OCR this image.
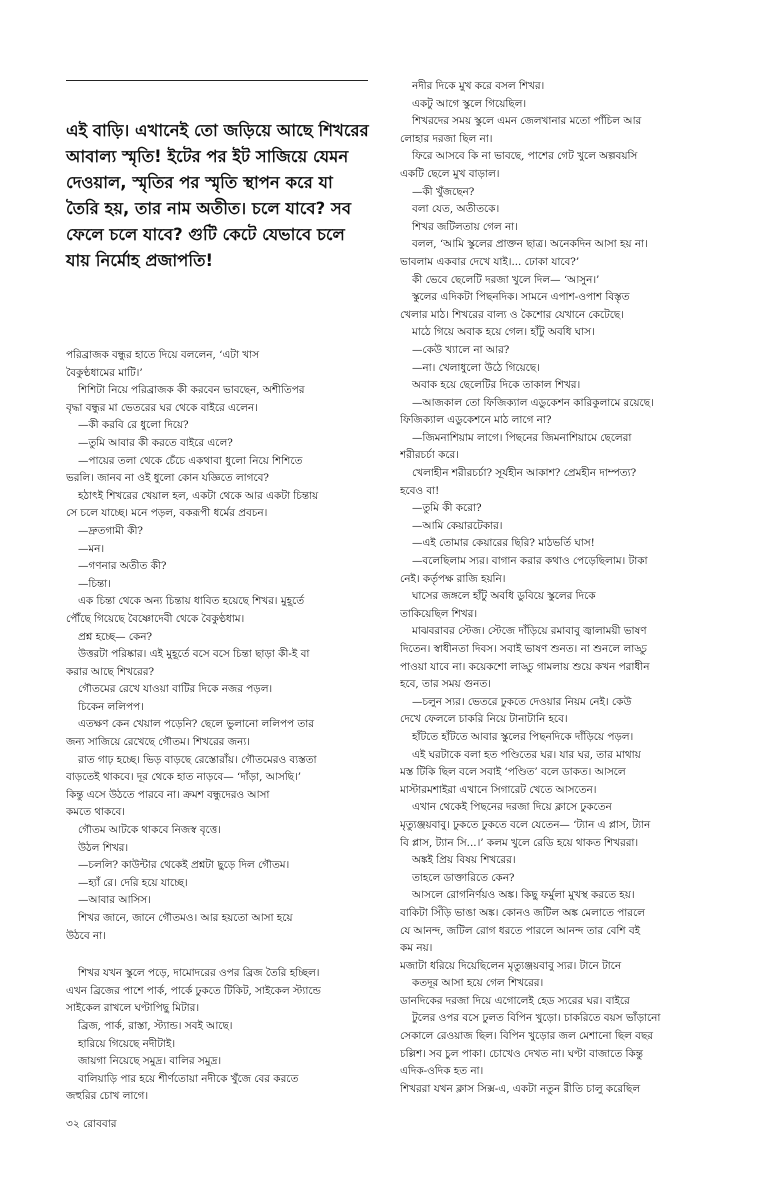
এই বাড়ি। এখানেই তো জড়িয়ে আছে শিখরের আবাল্য স্মৃতি! ইটের পর ইট সাজিয়ে যেমন দেওয়াল, স্মৃতির পর স্মৃতি স্থাপন করে যা তৈরি হয়, তার নাম অতীত। চলে যাবে? সব ফেলে চলে যাবে? গুটি কেটে যেভাবে চলে যায় নির্মোহ প্রজাপতি!

পরিব্রাজক বন্ধুর হাতে দিয়ে বললেন, ‘এটা খাস

বৈকুণ্ঠধামের মাটি।’

শিশিটা নিয়ে পরিব্রাজক কী করবেন ভাবছেন, অশীতিপর

বৃদ্ধা বন্ধুর মা ভেতরের ঘর থেকে বাইরে এলেন।

—কী করবি রে ধুলো দিয়ে?

—তুমি আবার কী করতে বাইরে এলে?

—পায়ের তলা থেকে চেঁচে একথাবা ধুলো নিয়ে শিশিতে

ভরলি। জানব না ওই ধুলো কোন যজ্ঞিতে লাগবে?

হঠাৎই শিখরের খেয়াল হল, একটা থেকে আর একটা চিন্তায়

সে চলে যাচ্ছে। মনে পড়ল, বকরূপী ধর্মের প্রবচন।

—দ্রুতগামী কী?

—মন।

—গণনার অতীত কী?

—চিন্তা।

এক চিন্তা থেকে অন্য চিন্তায় ধাবিত হয়েছে শিখর। মুহূর্তে

পৌঁছে গিয়েছে বৈষ্ণোদেবী থেকে বৈকুণ্ঠধাম।

প্রশ্ন হচ্ছে— কেন?

উত্তরটা পরিষ্কার। এই মুহূর্তে বসে বসে চিন্তা ছাড়া কী-ই বা

করার আছে শিখরের?

গৌতমের রেখে যাওয়া বাটির দিকে নজর পড়ল।

চিকেন ললিপপ।

এতক্ষণ কেন খেয়াল পড়েনি? ছেলে ভুলানো ললিপপ তার

জন্য সাজিয়ে রেখেছে গৌতম। শিখরের জন্য।

রাত গাঢ় হচ্ছে। ভিড় বাড়ছে রেস্তোরাঁয়। গৌতমেরও ব্যস্ততা

বাড়তেই থাকবে। দূর থেকে হাত নাড়বে— ‘দাঁড়া, আসছি।’

কিন্তু এসে উঠতে পারবে না। ক্রমশ বন্ধুদেরও আসা

কমতে থাকবে।

গৌতম আটকে থাকবে নিজস্ব বৃত্তে।

উঠল শিখর।

—চললি? কাউন্টার থেকেই প্রশ্নটা ছুড়ে দিল গৌতম।

—হ্যাঁ রে। দেরি হয়ে যাচ্ছে।

—আবার আসিস।

শিখর জানে, জানে গৌতমও। আর হয়তো আসা হয়ে

উঠবে না।

শিখর যখন স্কুলে পড়ে, দামোদরের ওপর ব্রিজ তৈরি হচ্ছিল।

এখন ব্রিজের পাশে পার্ক, পার্কে ঢুকতে টিকিট, সাইকেল স্ট্যান্ডে

সাইকেল রাখলে ঘণ্টাপিছু মিটার।

ব্রিজ, পার্ক, রাস্তা, স্ট্যান্ড। সবই আছে।

হারিয়ে গিয়েছে নদীটাই।

জায়গা নিয়েছে সমুদ্র। বালির সমুদ্র।

বালিয়াড়ি পার হয়ে শীর্ণতোয়া নদীকে খুঁজে বের করতে

জহুরির চোখ লাগে।

নদীর দিকে মুখ করে বসল শিখর।

একটু আগে স্কুলে গিয়েছিল।

শিখরদের সময় স্কুলে এমন জেলখানার মতো পাঁচিল আর

লোহার দরজা ছিল না।

ফিরে আসবে কি না ভাবছে, পাশের গেট খুলে অল্পবয়সি

একটি ছেলে মুখ বাড়াল।

—কী খুঁজছেন?

বলা যেত, অতীতকে।

শিখর জটিলতায় গেল না।

বলল, ‘আমি স্কুলের প্রাক্তন ছাত্র। অনেকদিন আসা হয় না।

ভাবলাম একবার দেখে যাই।... ঢোকা যাবে?’

কী ভেবে ছেলেটি দরজা খুলে দিল— ‘আসুন।’

স্কুলের এদিকটা পিছনদিক। সামনে এপাশ-ওপাশ বিস্তৃত

খেলার মাঠ। শিখরের বাল্য ও কৈশোর যেখানে কেটেছে।

মাঠে গিয়ে অবাক হয়ে গেল। হাঁটু অবধি ঘাস।

—কেউ খ্যালে না আর?

—না। খেলাধুলো উঠে গিয়েছে।

অবাক হয়ে ছেলেটির দিকে তাকাল শিখর।

—আজকাল তো ফিজিক্যাল এডুকেশন কারিকুলামে রয়েছে।

ফিজিক্যাল এডুকেশনে মাঠ লাগে না?

—জিমনাশিয়াম লাগে। পিছনের জিমনাশিয়ামে ছেলেরা

শরীরচর্চা করে।

খেলাহীন শরীরচর্চা? সূর্যহীন আকাশ? প্রেমহীন দাম্পত্য?

হবেও বা!

—তুমি কী করো?

—আমি কেয়ারটেকার।

—এই তোমার কেয়ারের ছিরি? মাঠভর্তি ঘাস!

—বলেছিলাম স্যর। বাগান করার কথাও পেড়েছিলাম। টাকা

নেই। কর্তৃপক্ষ রাজি হয়নি।

ঘাসের জঙ্গলে হাঁটু অবধি ডুবিয়ে স্কুলের দিকে

তাকিয়েছিল শিখর।

মাঝবরাবর স্টেজ। স্টেজে দাঁড়িয়ে রমাবাবু জ্বালাময়ী ভাষণ

দিতেন। স্বাধীনতা দিবস। সবাই ভাষণ শুনত। না শুনলে লাড্ডু

পাওয়া যাবে না। কয়েকশো লাড্ডু গামলায় শুয়ে কখন পরাধীন

হবে, তার সময় গুনত।

—চলুন স্যর। ভেতরে ঢুকতে দেওয়ার নিয়ম নেই। কেউ

দেখে ফেললে চাকরি নিয়ে টানাটানি হবে।

হাঁটতে হাঁটতে আবার স্কুলের পিছনদিকে দাঁড়িয়ে পড়ল।

এই ঘরটাকে বলা হত পণ্ডিতের ঘর। যার ঘর, তার মাথায়

মস্ত টিকি ছিল বলে সবাই ‘পণ্ডিত’ বলে ডাকত। আসলে

মাস্টারমশাইরা এখানে সিগারেট খেতে আসতেন।

এখান থেকেই পিছনের দরজা দিয়ে ক্লাসে ঢুকতেন

মৃত্যুঞ্জয়বাবু। ঢুকতে ঢুকতে বলে যেতেন— ‘ট্যান এ প্লাস, ট্যান

বি প্লাস, ট্যান সি...।’ কলম খুলে রেডি হয়ে থাকত শিখররা।

অঙ্কই প্রিয় বিষয় শিখরের।

তাহলে ডাক্তারিতে কেন?

আসলে রোগনির্ণয়ও অঙ্ক। কিছু ফর্মুলা মুখস্থ করতে হয়।

বাকিটা সিঁড়ি ভাঙা অঙ্ক। কোনও জটিল অঙ্ক মেলাতে পারলে

যে আনন্দ, জটিল রোগ ধরতে পারলে আনন্দ তার বেশি বই

কম নয়।

মজাটা ধরিয়ে দিয়েছিলেন মৃত্যুঞ্জয়বাবু স্যর। টানে টানে

কতদূর আসা হয়ে গেল শিখরের।

ডানদিকের দরজা দিয়ে এগোলেই হেড স্যরের ঘর। বাইরে

টুলের ওপর বসে ঢুলত বিপিন খুড়ো। চাকরিতে বয়স ভাঁড়ানো

সেকালে রেওয়াজ ছিল। বিপিন খুড়োর জল মেশানো ছিল বছর

চল্লিশ। সব চুল পাকা। চোখেও দেখত না। ঘণ্টা বাজাতে কিন্তু

এদিক-ওদিক হত না।

শিখররা যখন ক্লাস সিক্স-এ, একটা নতুন রীতি চালু করেছিল

৩২ রোববার
